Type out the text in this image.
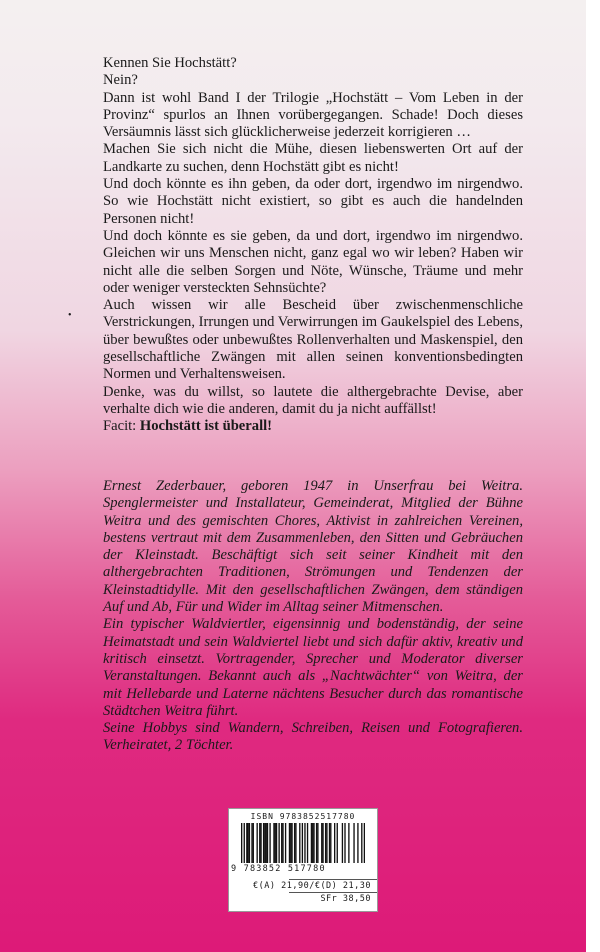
Kennen Sie Hochstätt?

Nein?

Dann ist wohl Band I der Trilogie „Hochstätt – Vom Leben in der Provinz“ spurlos an Ihnen vorübergegangen. Schade! Doch dieses Versäumnis lässt sich glücklicherweise jederzeit korrigieren …

Machen Sie sich nicht die Mühe, diesen liebenswerten Ort auf der Landkarte zu suchen, denn Hochstätt gibt es nicht!

Und doch könnte es ihn geben, da oder dort, irgendwo im nirgendwo. So wie Hochstätt nicht existiert, so gibt es auch die handelnden Personen nicht!

Und doch könnte es sie geben, da und dort, irgendwo im nirgendwo. Gleichen wir uns Menschen nicht, ganz egal wo wir leben? Haben wir nicht alle die selben Sorgen und Nöte, Wünsche, Träume und mehr oder weniger versteckten Sehnsüchte?

Auch wissen wir alle Bescheid über zwischenmenschliche Verstrickungen, Irrungen und Verwirrungen im Gaukelspiel des Lebens, über bewußtes oder unbewußtes Rollenverhalten und Maskenspiel, den gesellschaftliche Zwängen mit allen seinen konventionsbedingten Normen und Verhaltensweisen.

Denke, was du willst, so lautete die althergebrachte Devise, aber verhalte dich wie die anderen, damit du ja nicht auffällst!

Facit: Hochstätt ist überall!

•

Ernest Zederbauer, geboren 1947 in Unserfrau bei Weitra. Spenglermeister und Installateur, Gemeinderat, Mitglied der Bühne Weitra und des gemischten Chores, Aktivist in zahlreichen Vereinen, bestens vertraut mit dem Zusammenleben, den Sitten und Gebräuchen der Kleinstadt. Beschäftigt sich seit seiner Kindheit mit den althergebrachten Traditionen, Strömungen und Tendenzen der Kleinstadtidylle. Mit den gesellschaftlichen Zwängen, dem ständigen Auf und Ab, Für und Wider im Alltag seiner Mitmenschen.

Ein typischer Waldviertler, eigensinnig und bodenständig, der seine Heimatstadt und sein Waldviertel liebt und sich dafür aktiv, kreativ und kritisch einsetzt. Vortragender, Sprecher und Moderator diverser Veranstaltungen. Bekannt auch als „Nachtwächter“ von Weitra, der mit Hellebarde und Laterne nächtens Besucher durch das romantische Städtchen Weitra führt.

Seine Hobbys sind Wandern, Schreiben, Reisen und Fotografieren. Verheiratet, 2 Töchter.

ISBN 9783852517780
9 783852 517780
€(A) 21,90/€(D) 21,30
SFr 38,50
